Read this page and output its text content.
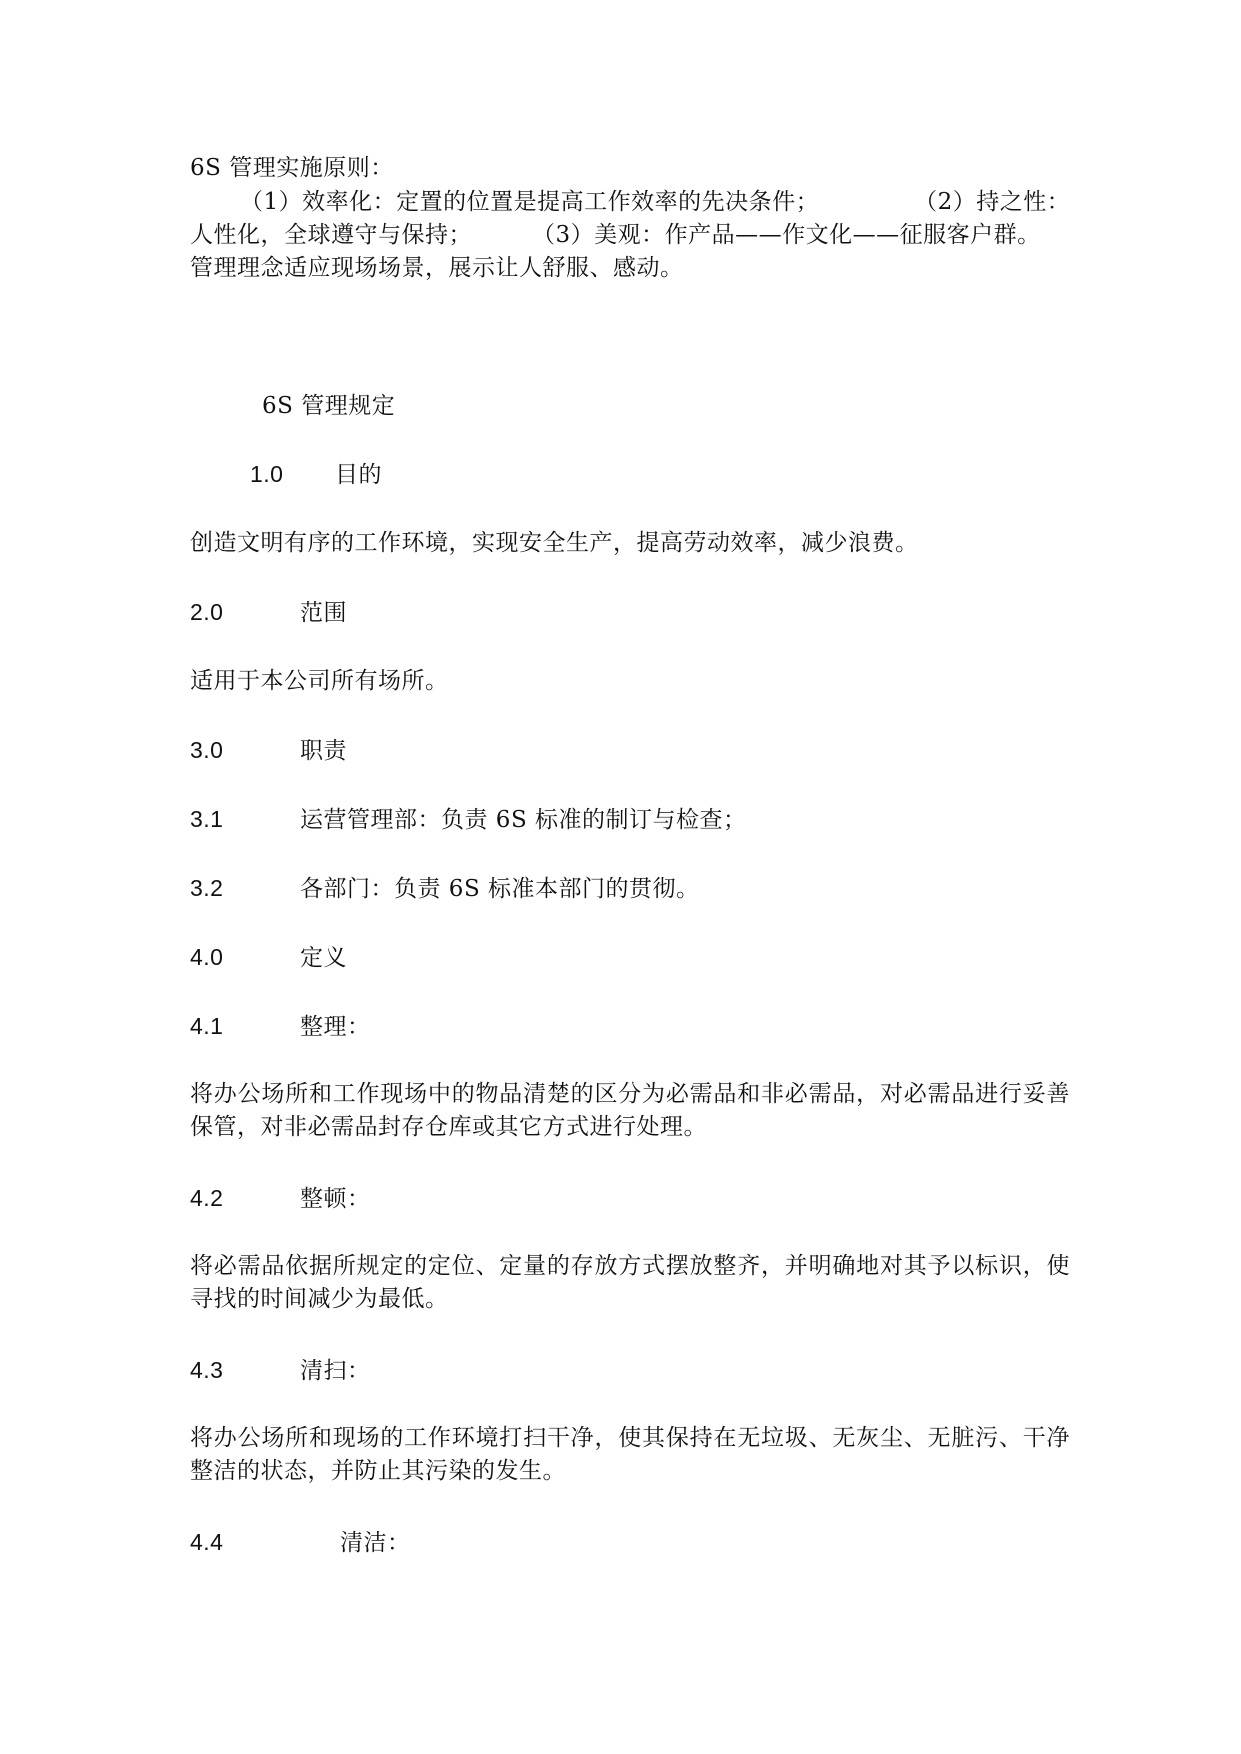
6S 管理实施原则：
（1）效率化：定置的位置是提高工作效率的先决条件；	（2）持之性：
人性化，全球遵守与保持；	（3）美观：作产品——作文化——征服客户群。
管理理念适应现场场景，展示让人舒服、感动。
6S 管理规定
1.0 目的
创造文明有序的工作环境，实现安全生产，提高劳动效率，减少浪费。
2.0	范围
适用于本公司所有场所。
3.0	职责
3.1	运营管理部：负责 6S 标准的制订与检查；
3.2	各部门：负责 6S 标准本部门的贯彻。
4.0	定义
4.1	整理：
将办公场所和工作现场中的物品清楚的区分为必需品和非必需品，对必需品进行妥善保管，对非必需品封存仓库或其它方式进行处理。
4.2	整顿：
将必需品依据所规定的定位、定量的存放方式摆放整齐，并明确地对其予以标识，使寻找的时间减少为最低。
4.3	清扫：
将办公场所和现场的工作环境打扫干净，使其保持在无垃圾、无灰尘、无脏污、干净整洁的状态，并防止其污染的发生。
4.4	清洁：
